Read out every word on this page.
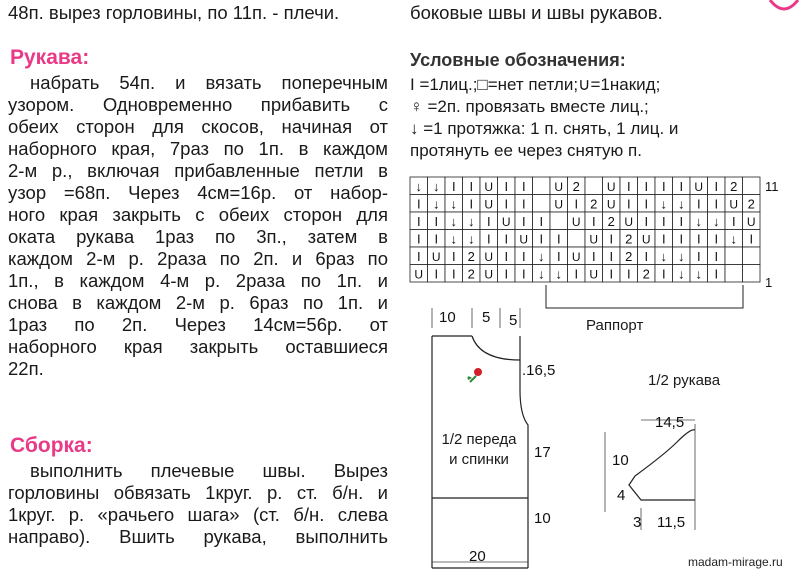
48п. вырез горловины, по 11п. - плечи.
Рукава:
набрать 54п. и вязать поперечным
узором. Одновременно прибавить с
обеих сторон для скосов, начиная от
наборного края, 7раз по 1п. в каждом
2-м р., включая прибавленные петли в
узор =68п. Через 4см=16р. от набор-
ного края закрыть с обеих сторон для
оката рукава 1раз по 3п., затем в
каждом 2-м р. 2раза по 2п. и 6раз по
1п., в каждом 4-м р. 2раза по 1п. и
снова в каждом 2-м р. 6раз по 1п. и
1раз по 2п. Через 14см=56р. от
наборного края закрыть оставшиеся
22п.
Сборка:
выполнить плечевые швы. Вырез
горловины обвязать 1круг. р. ст. б/н. и
1круг. р. «рачьего шага» (ст. б/н. слева
направо). Вшить рукава, выполнить
боковые швы и швы рукавов.
Условные обозначения:
I =1лиц.;□=нет петли;∪=1накид;
♀ =2п. провязать вместе лиц.;
↓ =1 протяжка: 1 п. снять, 1 лиц. и
протянуть ее через снятую п.
↓ ↓ I I U I I U 2 U I I I I U I 2
I ↓ ↓ I U I I U I 2 U I I ↓ ↓ I I U 2
I I ↓ ↓ I U I I U I 2 U I I I ↓ ↓ I U
I I ↓ ↓ I I U I I U I 2 U I I I I ↓ I
I U I 2 U I I ↓ I U I I 2 I ↓ ↓ I I
U I I 2 U I I ↓ ↓ I U I I 2 I ↓ ↓ I
11
1
Раппорт
10 5 5
.16,5
17
10
20
1/2 переда
и спинки
1/2 рукава
14,5
10
4
3 11,5
madam-mirage.ru
